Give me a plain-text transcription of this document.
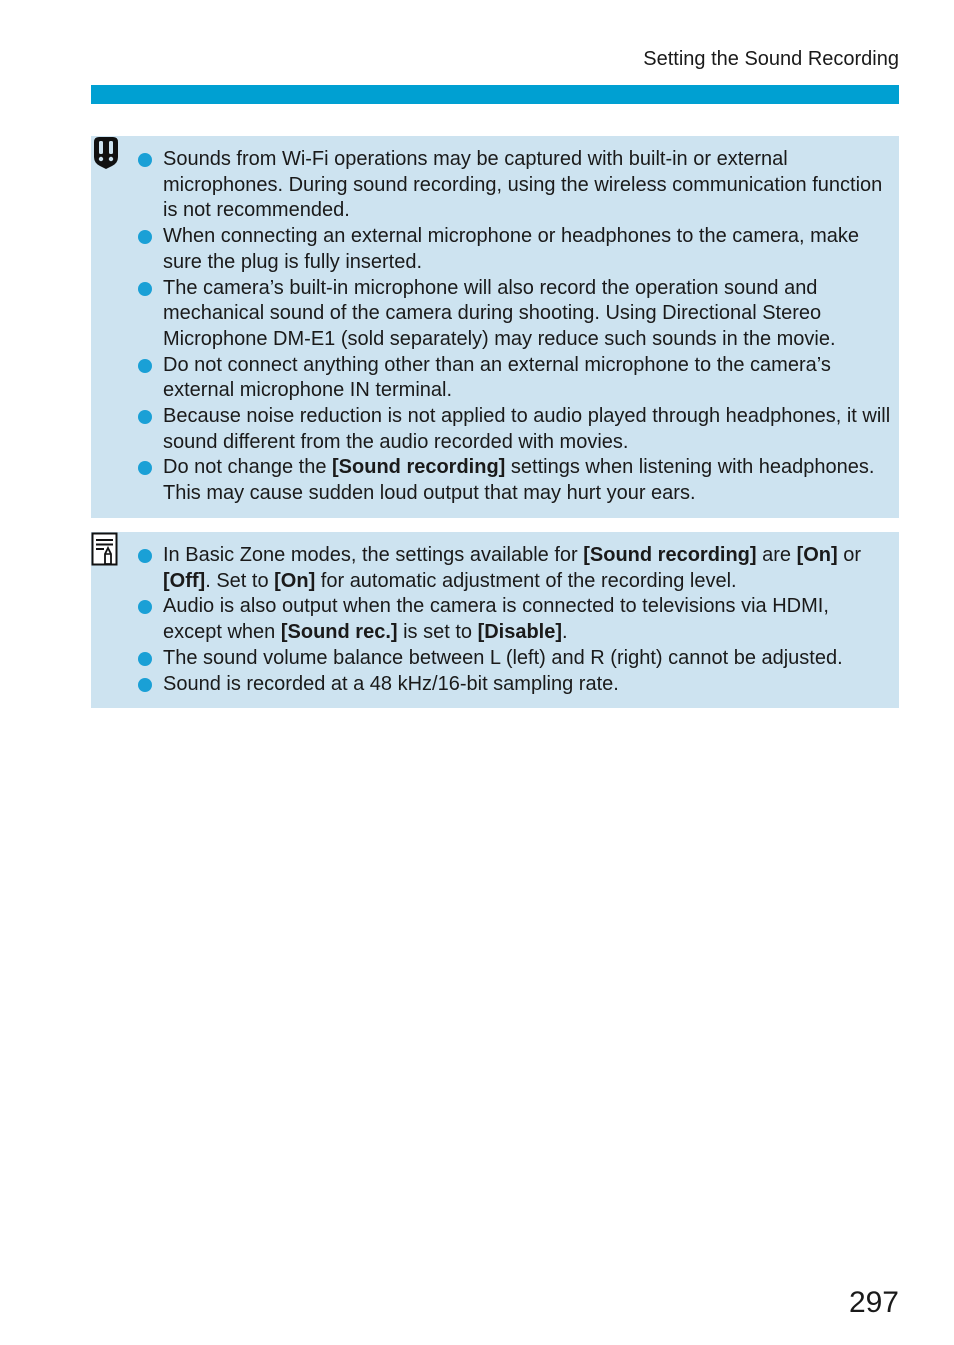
Setting the Sound Recording
Sounds from Wi-Fi operations may be captured with built-in or external microphones. During sound recording, using the wireless communication function is not recommended.
When connecting an external microphone or headphones to the camera, make sure the plug is fully inserted.
The camera’s built-in microphone will also record the operation sound and mechanical sound of the camera during shooting. Using Directional Stereo Microphone DM-E1 (sold separately) may reduce such sounds in the movie.
Do not connect anything other than an external microphone to the camera’s external microphone IN terminal.
Because noise reduction is not applied to audio played through headphones, it will sound different from the audio recorded with movies.
Do not change the [Sound recording] settings when listening with headphones. This may cause sudden loud output that may hurt your ears.
In Basic Zone modes, the settings available for [Sound recording] are [On] or [Off]. Set to [On] for automatic adjustment of the recording level.
Audio is also output when the camera is connected to televisions via HDMI, except when [Sound rec.] is set to [Disable].
The sound volume balance between L (left) and R (right) cannot be adjusted.
Sound is recorded at a 48 kHz/16-bit sampling rate.
297
